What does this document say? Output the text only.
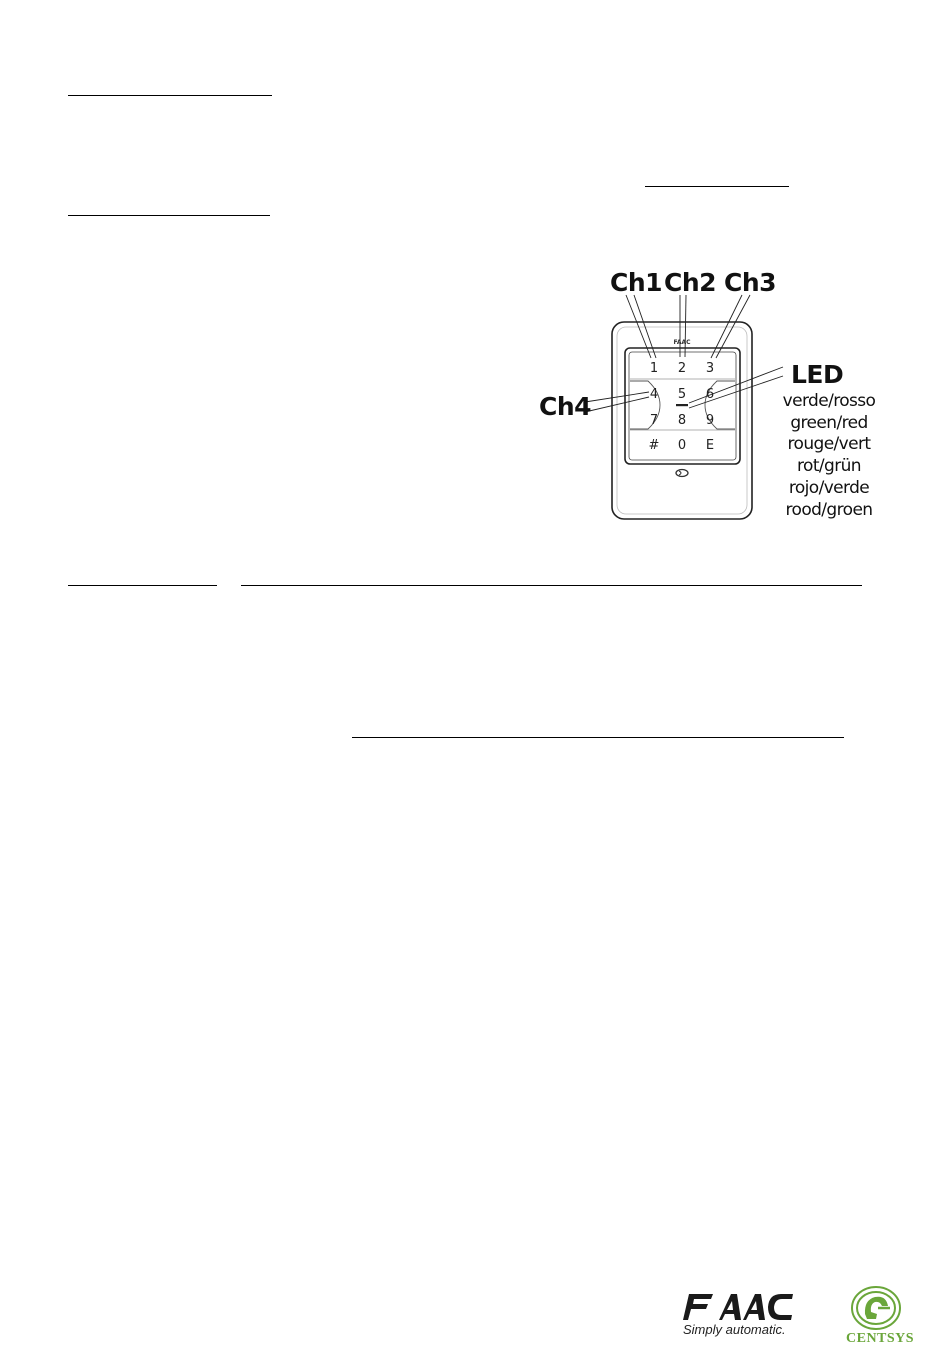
FAAC
1 2 3
4 5 6
7 8 9
# 0 E
Ch1 Ch2 Ch3
Ch4
LED
verde/rosso
green/red
rouge/vert
rot/grün
rojo/verde
rood/groen
Simply automatic.
CENTSYS
